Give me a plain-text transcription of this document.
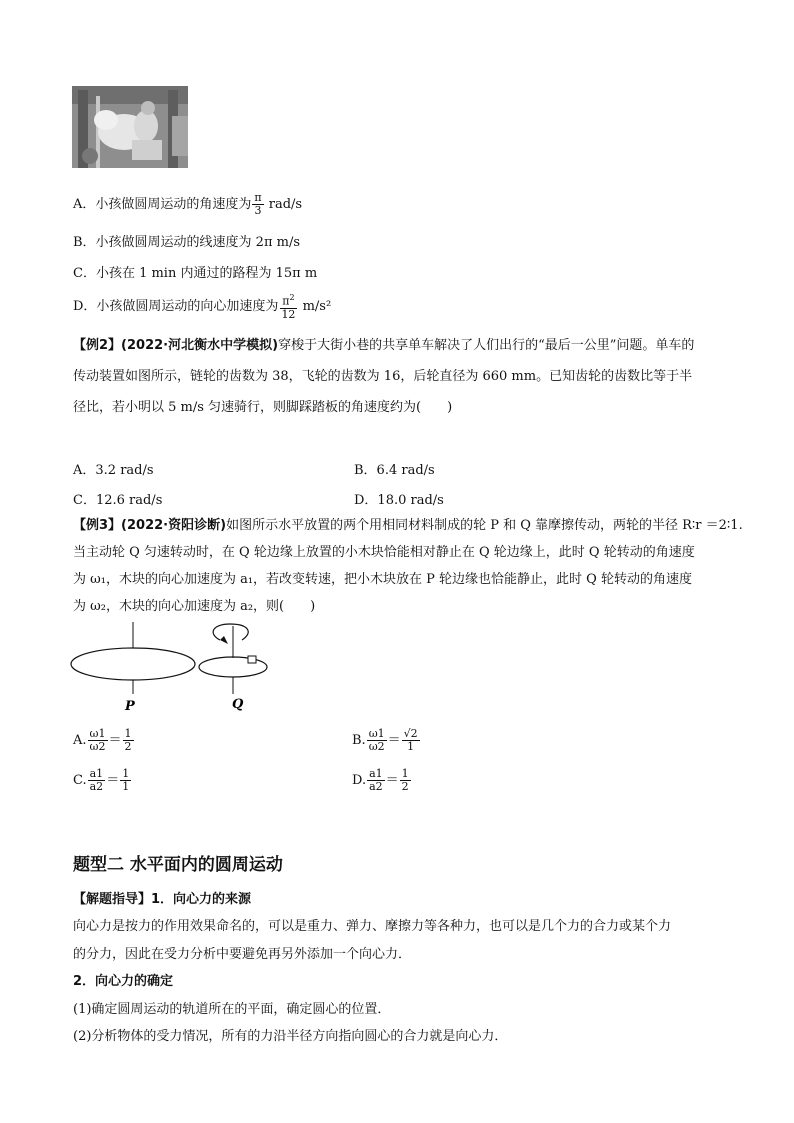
A．小孩做圆周运动的角速度为 $\frac{\pi}{3} rad/s$
B．小孩做圆周运动的线速度为 2π m/s
C．小孩在 1 min 内通过的路程为 15π m
D．小孩做圆周运动的向心加速度为 $\frac{\pi^2}{12} m/s^2$
【例2】(2022·河北衡水中学模拟)穿梭于大街小巷的共享单车解决了人们出行的“最后一公里”问题。单车的
传动装置如图所示，链轮的齿数为 38，飞轮的齿数为 16，后轮直径为 660 mm。已知齿轮的齿数比等于半
径比，若小明以 5 m/s 匀速骑行，则脚踩踏板的角速度约为(　　)
A．3.2 rad/s	B．6.4 rad/s
C．12.6 rad/s	D．18.0 rad/s
【例3】(2022·资阳诊断)如图所示水平放置的两个用相同材料制成的轮 P 和 Q 靠摩擦传动，两轮的半径 R∶r ＝2∶1.
当主动轮 Q 匀速转动时，在 Q 轮边缘上放置的小木块恰能相对静止在 Q 轮边缘上，此时 Q 轮转动的角速度
为 ω₁，木块的向心加速度为 a₁，若改变转速，把小木块放在 P 轮边缘也恰能静止，此时 Q 轮转动的角速度
为 ω₂，木块的向心加速度为 a₂，则(　　)
P	Q
A. $\frac{\omega 1}{\omega 2} = \frac{1}{2}$	B. $\frac{\omega 1}{\omega 2} = \frac{√2}{1}$
C. $\frac{a1}{a2} = \frac{1}{1}$	D. $\frac{a1}{a2} = \frac{1}{2}$
题型二 水平面内的圆周运动
【解题指导】1．向心力的来源
向心力是按力的作用效果命名的，可以是重力、弹力、摩擦力等各种力，也可以是几个力的合力或某个力
的分力，因此在受力分析中要避免再另外添加一个向心力．
2．向心力的确定
(1)确定圆周运动的轨道所在的平面，确定圆心的位置．
(2)分析物体的受力情况，所有的力沿半径方向指向圆心的合力就是向心力．
